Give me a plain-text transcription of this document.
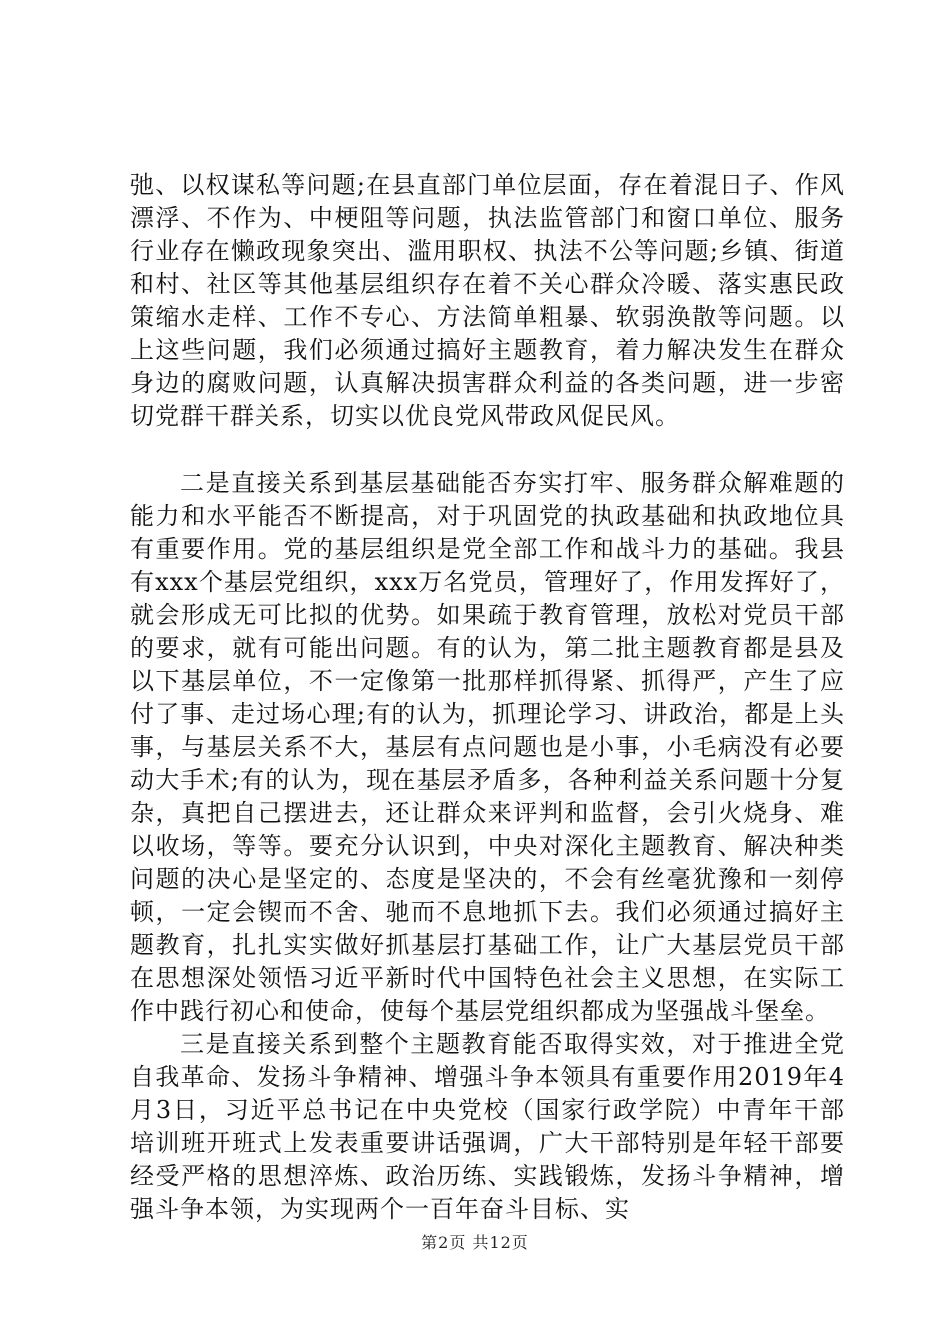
弛、以权谋私等问题;在县直部门单位层面，存在着混日子、作风漂浮、不作为、中梗阻等问题，执法监管部门和窗口单位、服务行业存在懒政现象突出、滥用职权、执法不公等问题;乡镇、街道和村、社区等其他基层组织存在着不关心群众冷暖、落实惠民政策缩水走样、工作不专心、方法简单粗暴、软弱涣散等问题。以上这些问题，我们必须通过搞好主题教育，着力解决发生在群众身边的腐败问题，认真解决损害群众利益的各类问题，进一步密切党群干群关系，切实以优良党风带政风促民风。

二是直接关系到基层基础能否夯实打牢、服务群众解难题的能力和水平能否不断提高，对于巩固党的执政基础和执政地位具有重要作用。党的基层组织是党全部工作和战斗力的基础。我县有xxx个基层党组织，xxx万名党员，管理好了，作用发挥好了，就会形成无可比拟的优势。如果疏于教育管理，放松对党员干部的要求，就有可能出问题。有的认为，第二批主题教育都是县及以下基层单位，不一定像第一批那样抓得紧、抓得严，产生了应付了事、走过场心理;有的认为，抓理论学习、讲政治，都是上头事，与基层关系不大，基层有点问题也是小事，小毛病没有必要动大手术;有的认为，现在基层矛盾多，各种利益关系问题十分复杂，真把自己摆进去，还让群众来评判和监督，会引火烧身、难以收场，等等。要充分认识到，中央对深化主题教育、解决种类问题的决心是坚定的、态度是坚决的，不会有丝毫犹豫和一刻停顿，一定会锲而不舍、驰而不息地抓下去。我们必须通过搞好主题教育，扎扎实实做好抓基层打基础工作，让广大基层党员干部在思想深处领悟习近平新时代中国特色社会主义思想，在实际工作中践行初心和使命，使每个基层党组织都成为坚强战斗堡垒。

三是直接关系到整个主题教育能否取得实效，对于推进全党自我革命、发扬斗争精神、增强斗争本领具有重要作用2019年4月3日，习近平总书记在中央党校（国家行政学院）中青年干部培训班开班式上发表重要讲话强调，广大干部特别是年轻干部要经受严格的思想淬炼、政治历练、实践锻炼，发扬斗争精神，增强斗争本领，为实现两个一百年奋斗目标、实

第2页 共12页
